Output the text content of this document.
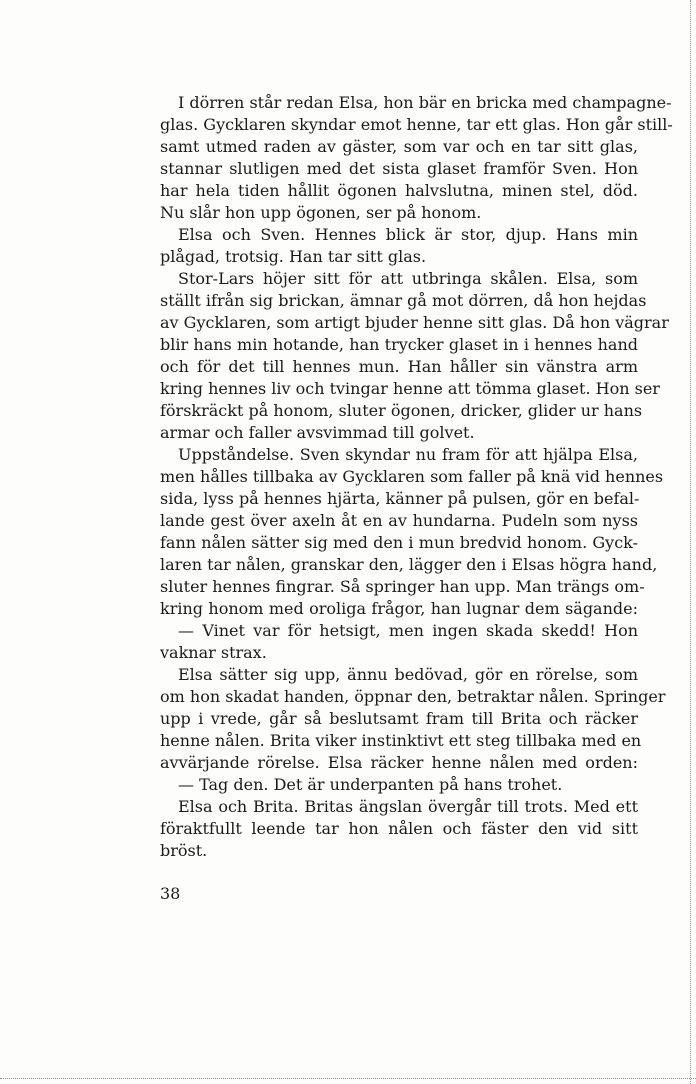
I dörren står redan Elsa, hon bär en bricka med champagne-
glas. Gycklaren skyndar emot henne, tar ett glas. Hon går still-
samt utmed raden av gäster, som var och en tar sitt glas,
stannar slutligen med det sista glaset framför Sven. Hon
har hela tiden hållit ögonen halvslutna, minen stel, död.
Nu slår hon upp ögonen, ser på honom.
Elsa och Sven. Hennes blick är stor, djup. Hans min
plågad, trotsig. Han tar sitt glas.
Stor-Lars höjer sitt för att utbringa skålen. Elsa, som
ställt ifrån sig brickan, ämnar gå mot dörren, då hon hejdas
av Gycklaren, som artigt bjuder henne sitt glas. Då hon vägrar
blir hans min hotande, han trycker glaset in i hennes hand
och för det till hennes mun. Han håller sin vänstra arm
kring hennes liv och tvingar henne att tömma glaset. Hon ser
förskräckt på honom, sluter ögonen, dricker, glider ur hans
armar och faller avsvimmad till golvet.
Uppståndelse. Sven skyndar nu fram för att hjälpa Elsa,
men hålles tillbaka av Gycklaren som faller på knä vid hennes
sida, lyss på hennes hjärta, känner på pulsen, gör en befal-
lande gest över axeln åt en av hundarna. Pudeln som nyss
fann nålen sätter sig med den i mun bredvid honom. Gyck-
laren tar nålen, granskar den, lägger den i Elsas högra hand,
sluter hennes fingrar. Så springer han upp. Man trängs om-
kring honom med oroliga frågor, han lugnar dem sägande:
— Vinet var för hetsigt, men ingen skada skedd! Hon
vaknar strax.
Elsa sätter sig upp, ännu bedövad, gör en rörelse, som
om hon skadat handen, öppnar den, betraktar nålen. Springer
upp i vrede, går så beslutsamt fram till Brita och räcker
henne nålen. Brita viker instinktivt ett steg tillbaka med en
avvärjande rörelse. Elsa räcker henne nålen med orden:
— Tag den. Det är underpanten på hans trohet.
Elsa och Brita. Britas ängslan övergår till trots. Med ett
föraktfullt leende tar hon nålen och fäster den vid sitt
bröst.
38
